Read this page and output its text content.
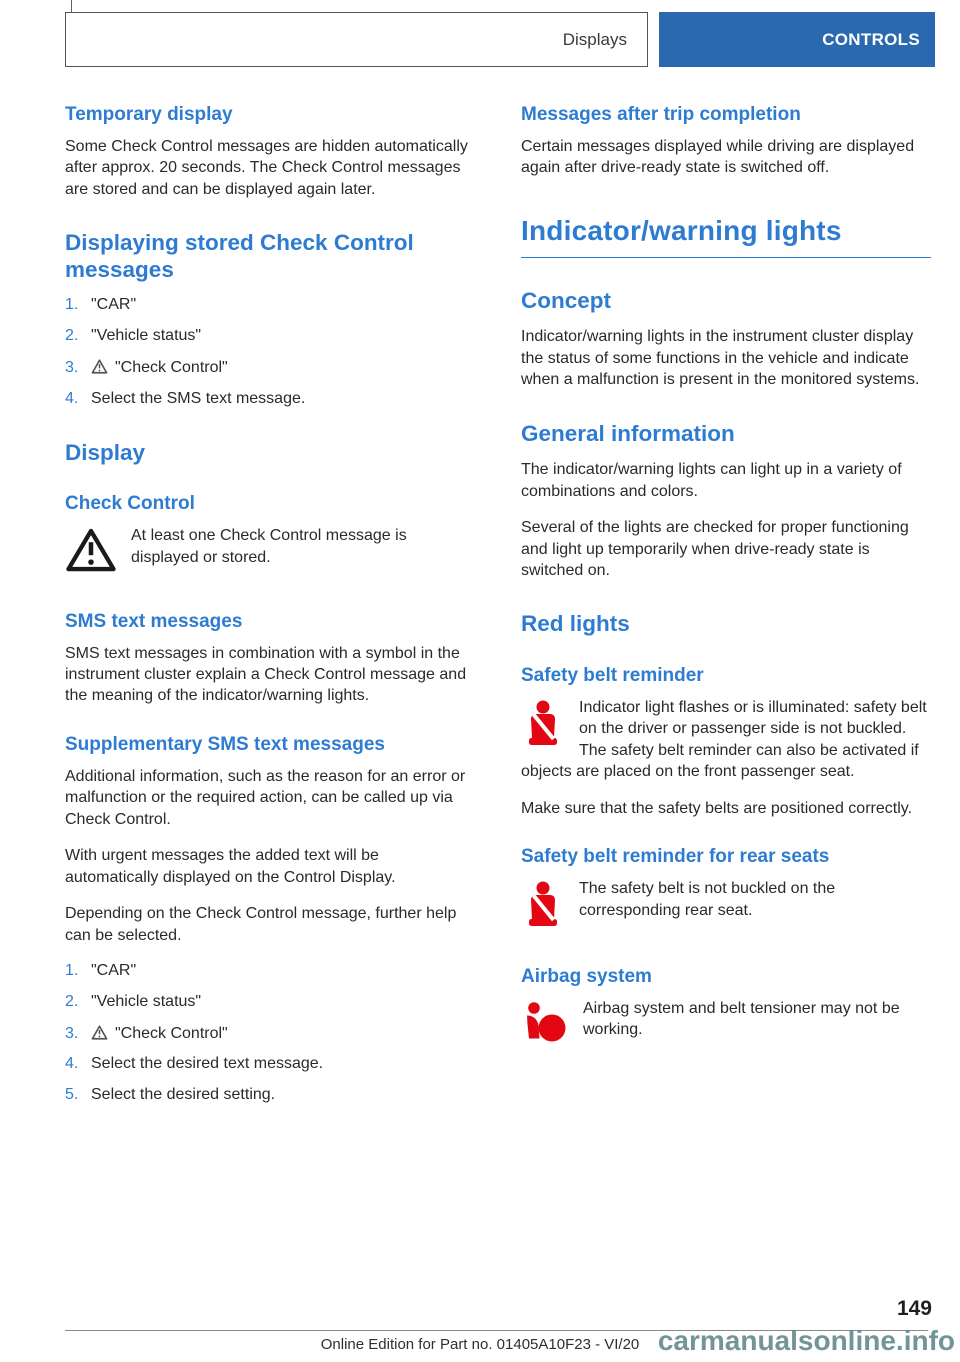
Displays	CONTROLS
Temporary display

Some Check Control messages are hidden automatically after approx. 20 seconds. The Check Control messages are stored and can be displayed again later.

Displaying stored Check Control messages
1. "CAR"
2. "Vehicle status"
3.	"Check Control"
4. Select the SMS text message.
Display
Check Control
At least one Check Control message is displayed or stored.
SMS text messages

SMS text messages in combination with a symbol in the instrument cluster explain a Check Control message and the meaning of the indicator/warning lights.

Supplementary SMS text messages

Additional information, such as the reason for an error or malfunction or the required action, can be called up via Check Control.

With urgent messages the added text will be automatically displayed on the Control Display.

Depending on the Check Control message, further help can be selected.

1. "CAR"
2. "Vehicle status"
3.	"Check Control"
4. Select the desired text message.
5. Select the desired setting.
Messages after trip completion

Certain messages displayed while driving are displayed again after drive-ready state is switched off.

Indicator/warning lights
Concept

Indicator/warning lights in the instrument cluster display the status of some functions in the vehicle and indicate when a malfunction is present in the monitored systems.

General information

The indicator/warning lights can light up in a variety of combinations and colors.

Several of the lights are checked for proper functioning and light up temporarily when drive-ready state is switched on.

Red lights
Safety belt reminder
Indicator light flashes or is illuminated: safety belt on the driver or passenger side is not buckled. The safety belt reminder can also be activated if objects are placed on the front passenger seat.

Make sure that the safety belts are positioned correctly.

Safety belt reminder for rear seats
The safety belt is not buckled on the corresponding rear seat.
Airbag system
Airbag system and belt tensioner may not be working.
149
Online Edition for Part no. 01405A10F23 - VI/20 carmanualsonline.info
